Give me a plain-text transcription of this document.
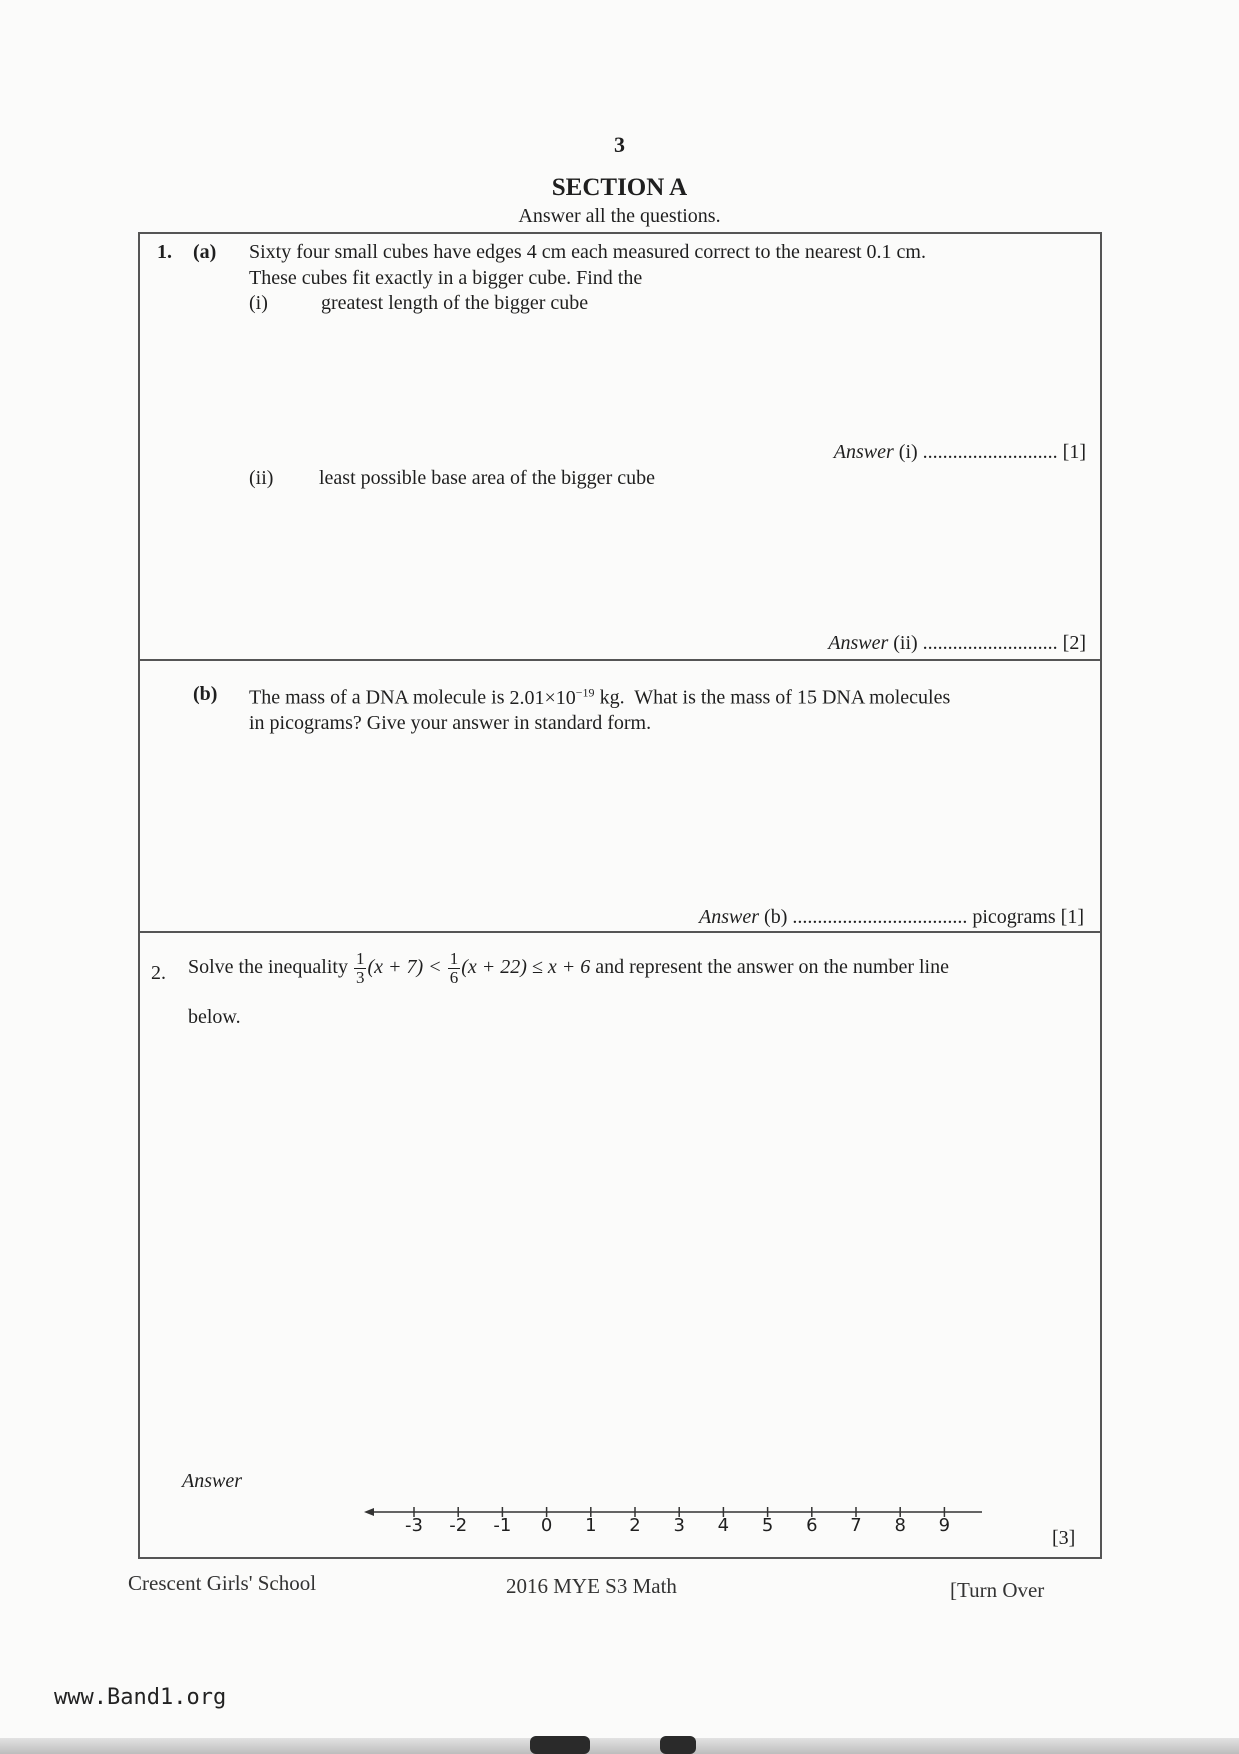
3
SECTION A
Answer all the questions.
1. (a) Sixty four small cubes have edges 4 cm each measured correct to the nearest 0.1 cm.
These cubes fit exactly in a bigger cube. Find the
(i)	greatest length of the bigger cube
Answer (i) ........................... [1]
(ii) least possible base area of the bigger cube
Answer (ii) ........................... [2]
(b) The mass of a DNA molecule is $2.01\times 10^{-19}$ kg. What is the mass of 15 DNA molecules
in picograms? Give your answer in standard form.
Answer (b) ................................... picograms [1]
2. Solve the inequality $\frac{1}{3} (x + 7) < \frac{1}{6} (x + 22) \le x + 6$ and represent the answer on the number line
below.
Answer
-3	-2	-1	0	1	2	3	4	5	6	7	8	9
[3]
Crescent Girls' School	2016 MYE S3 Math	[Turn Over
www.Band1.org
